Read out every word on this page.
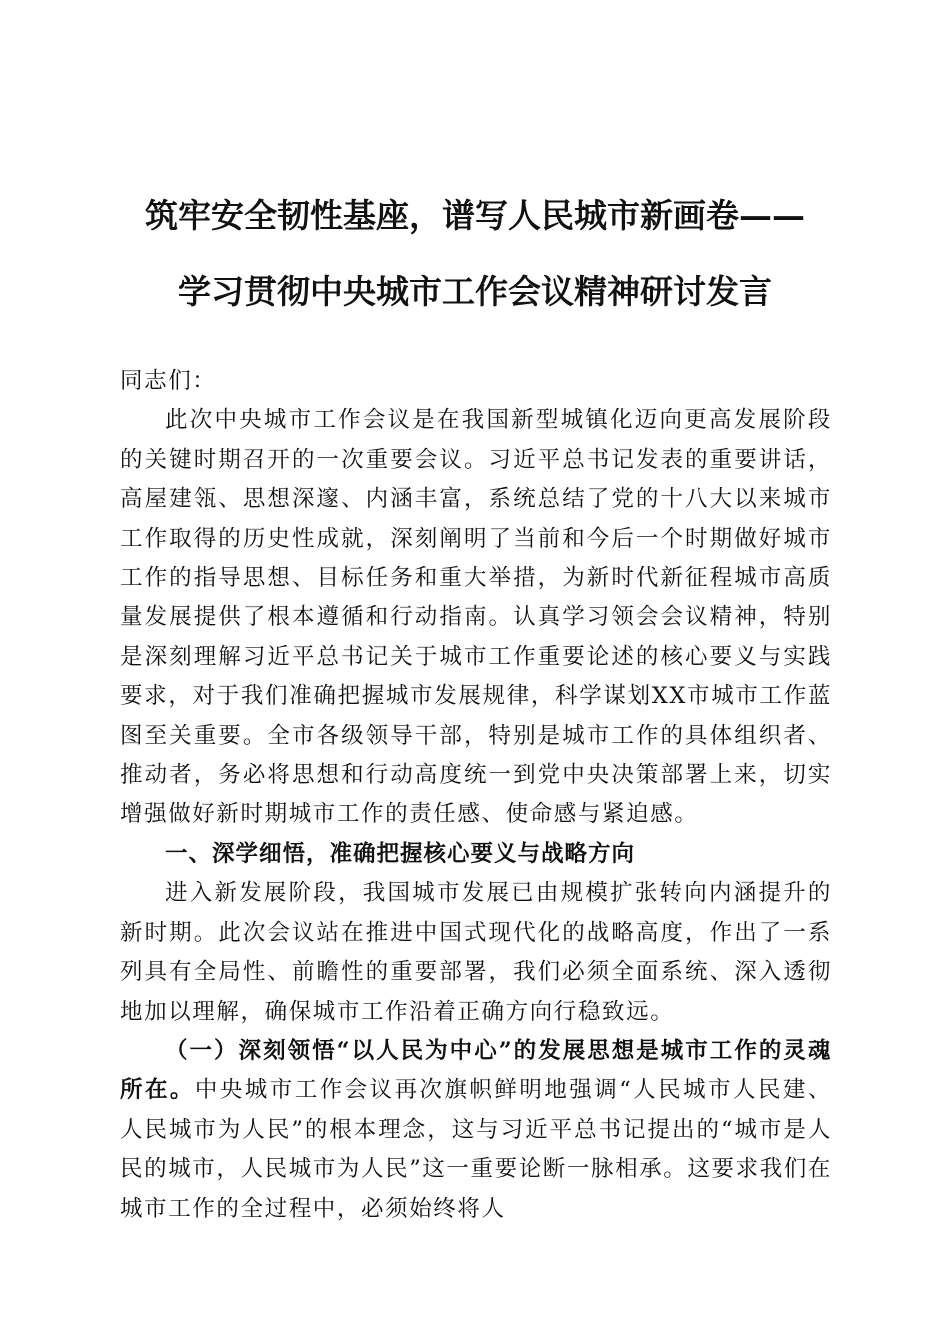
筑牢安全韧性基座，谱写人民城市新画卷——
学习贯彻中央城市工作会议精神研讨发言

同志们：

此次中央城市工作会议是在我国新型城镇化迈向更高发展阶段的关键时期召开的一次重要会议。习近平总书记发表的重要讲话，高屋建瓴、思想深邃、内涵丰富，系统总结了党的十八大以来城市工作取得的历史性成就，深刻阐明了当前和今后一个时期做好城市工作的指导思想、目标任务和重大举措，为新时代新征程城市高质量发展提供了根本遵循和行动指南。认真学习领会会议精神，特别是深刻理解习近平总书记关于城市工作重要论述的核心要义与实践要求，对于我们准确把握城市发展规律，科学谋划XX市城市工作蓝图至关重要。全市各级领导干部，特别是城市工作的具体组织者、推动者，务必将思想和行动高度统一到党中央决策部署上来，切实增强做好新时期城市工作的责任感、使命感与紧迫感。

一、深学细悟，准确把握核心要义与战略方向

进入新发展阶段，我国城市发展已由规模扩张转向内涵提升的新时期。此次会议站在推进中国式现代化的战略高度，作出了一系列具有全局性、前瞻性的重要部署，我们必须全面系统、深入透彻地加以理解，确保城市工作沿着正确方向行稳致远。

（一）深刻领悟“以人民为中心”的发展思想是城市工作的灵魂所在。中央城市工作会议再次旗帜鲜明地强调“人民城市人民建、人民城市为人民”的根本理念，这与习近平总书记提出的“城市是人民的城市，人民城市为人民”这一重要论断一脉相承。这要求我们在城市工作的全过程中，必须始终将人
